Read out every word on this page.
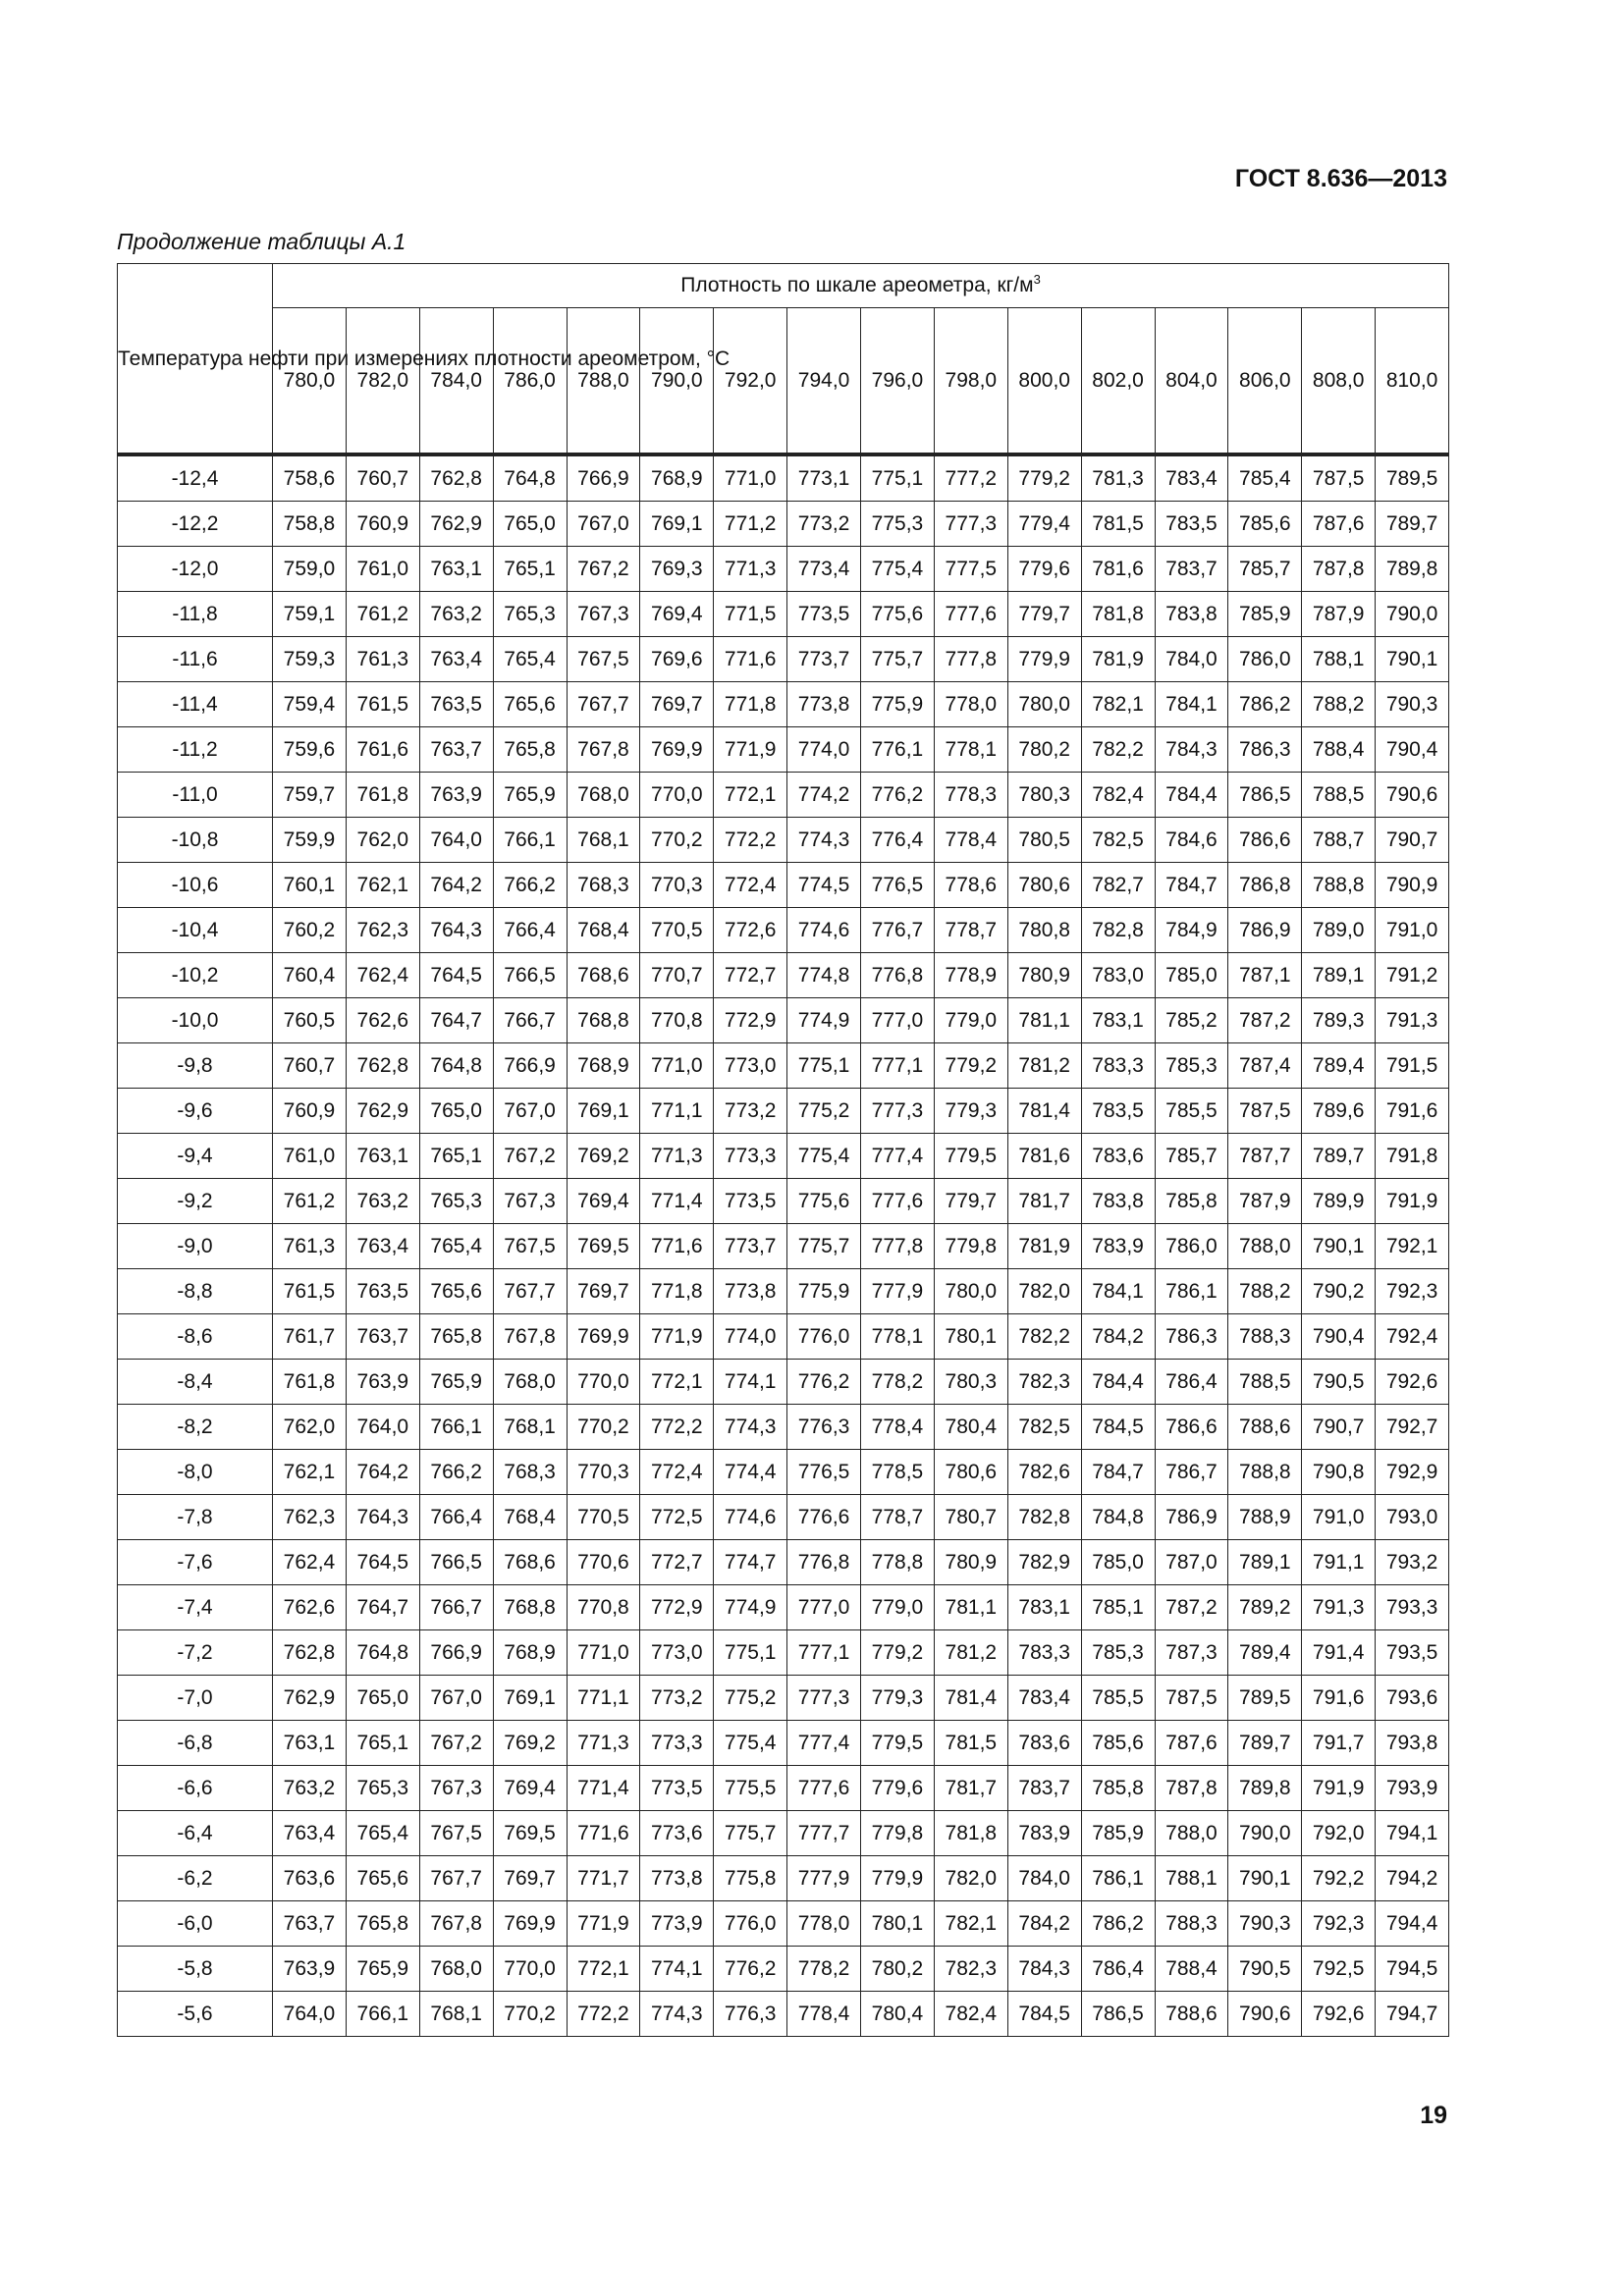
ГОСТ 8.636—2013
Продолжение таблицы А.1
Температура нефти при измерениях плотности ареометром, °С	Плотность по шкале ареометра, $кг/м^3$
	780,0	782,0	784,0	786,0	788,0	790,0	792,0	794,0	796,0	798,0	800,0	802,0	804,0	806,0	808,0	810,0
-12,4	758,6	760,7	762,8	764,8	766,9	768,9	771,0	773,1	775,1	777,2	779,2	781,3	783,4	785,4	787,5	789,5
-12,2	758,8	760,9	762,9	765,0	767,0	769,1	771,2	773,2	775,3	777,3	779,4	781,5	783,5	785,6	787,6	789,7
-12,0	759,0	761,0	763,1	765,1	767,2	769,3	771,3	773,4	775,4	777,5	779,6	781,6	783,7	785,7	787,8	789,8
-11,8	759,1	761,2	763,2	765,3	767,3	769,4	771,5	773,5	775,6	777,6	779,7	781,8	783,8	785,9	787,9	790,0
-11,6	759,3	761,3	763,4	765,4	767,5	769,6	771,6	773,7	775,7	777,8	779,9	781,9	784,0	786,0	788,1	790,1
-11,4	759,4	761,5	763,5	765,6	767,7	769,7	771,8	773,8	775,9	778,0	780,0	782,1	784,1	786,2	788,2	790,3
-11,2	759,6	761,6	763,7	765,8	767,8	769,9	771,9	774,0	776,1	778,1	780,2	782,2	784,3	786,3	788,4	790,4
-11,0	759,7	761,8	763,9	765,9	768,0	770,0	772,1	774,2	776,2	778,3	780,3	782,4	784,4	786,5	788,5	790,6
-10,8	759,9	762,0	764,0	766,1	768,1	770,2	772,2	774,3	776,4	778,4	780,5	782,5	784,6	786,6	788,7	790,7
-10,6	760,1	762,1	764,2	766,2	768,3	770,3	772,4	774,5	776,5	778,6	780,6	782,7	784,7	786,8	788,8	790,9
-10,4	760,2	762,3	764,3	766,4	768,4	770,5	772,6	774,6	776,7	778,7	780,8	782,8	784,9	786,9	789,0	791,0
-10,2	760,4	762,4	764,5	766,5	768,6	770,7	772,7	774,8	776,8	778,9	780,9	783,0	785,0	787,1	789,1	791,2
-10,0	760,5	762,6	764,7	766,7	768,8	770,8	772,9	774,9	777,0	779,0	781,1	783,1	785,2	787,2	789,3	791,3
-9,8	760,7	762,8	764,8	766,9	768,9	771,0	773,0	775,1	777,1	779,2	781,2	783,3	785,3	787,4	789,4	791,5
-9,6	760,9	762,9	765,0	767,0	769,1	771,1	773,2	775,2	777,3	779,3	781,4	783,5	785,5	787,5	789,6	791,6
-9,4	761,0	763,1	765,1	767,2	769,2	771,3	773,3	775,4	777,4	779,5	781,6	783,6	785,7	787,7	789,7	791,8
-9,2	761,2	763,2	765,3	767,3	769,4	771,4	773,5	775,6	777,6	779,7	781,7	783,8	785,8	787,9	789,9	791,9
-9,0	761,3	763,4	765,4	767,5	769,5	771,6	773,7	775,7	777,8	779,8	781,9	783,9	786,0	788,0	790,1	792,1
-8,8	761,5	763,5	765,6	767,7	769,7	771,8	773,8	775,9	777,9	780,0	782,0	784,1	786,1	788,2	790,2	792,3
-8,6	761,7	763,7	765,8	767,8	769,9	771,9	774,0	776,0	778,1	780,1	782,2	784,2	786,3	788,3	790,4	792,4
-8,4	761,8	763,9	765,9	768,0	770,0	772,1	774,1	776,2	778,2	780,3	782,3	784,4	786,4	788,5	790,5	792,6
-8,2	762,0	764,0	766,1	768,1	770,2	772,2	774,3	776,3	778,4	780,4	782,5	784,5	786,6	788,6	790,7	792,7
-8,0	762,1	764,2	766,2	768,3	770,3	772,4	774,4	776,5	778,5	780,6	782,6	784,7	786,7	788,8	790,8	792,9
-7,8	762,3	764,3	766,4	768,4	770,5	772,5	774,6	776,6	778,7	780,7	782,8	784,8	786,9	788,9	791,0	793,0
-7,6	762,4	764,5	766,5	768,6	770,6	772,7	774,7	776,8	778,8	780,9	782,9	785,0	787,0	789,1	791,1	793,2
-7,4	762,6	764,7	766,7	768,8	770,8	772,9	774,9	777,0	779,0	781,1	783,1	785,1	787,2	789,2	791,3	793,3
-7,2	762,8	764,8	766,9	768,9	771,0	773,0	775,1	777,1	779,2	781,2	783,3	785,3	787,3	789,4	791,4	793,5
-7,0	762,9	765,0	767,0	769,1	771,1	773,2	775,2	777,3	779,3	781,4	783,4	785,5	787,5	789,5	791,6	793,6
-6,8	763,1	765,1	767,2	769,2	771,3	773,3	775,4	777,4	779,5	781,5	783,6	785,6	787,6	789,7	791,7	793,8
-6,6	763,2	765,3	767,3	769,4	771,4	773,5	775,5	777,6	779,6	781,7	783,7	785,8	787,8	789,8	791,9	793,9
-6,4	763,4	765,4	767,5	769,5	771,6	773,6	775,7	777,7	779,8	781,8	783,9	785,9	788,0	790,0	792,0	794,1
-6,2	763,6	765,6	767,7	769,7	771,7	773,8	775,8	777,9	779,9	782,0	784,0	786,1	788,1	790,1	792,2	794,2
-6,0	763,7	765,8	767,8	769,9	771,9	773,9	776,0	778,0	780,1	782,1	784,2	786,2	788,3	790,3	792,3	794,4
-5,8	763,9	765,9	768,0	770,0	772,1	774,1	776,2	778,2	780,2	782,3	784,3	786,4	788,4	790,5	792,5	794,5
-5,6	764,0	766,1	768,1	770,2	772,2	774,3	776,3	778,4	780,4	782,4	784,5	786,5	788,6	790,6	792,6	794,7
19
